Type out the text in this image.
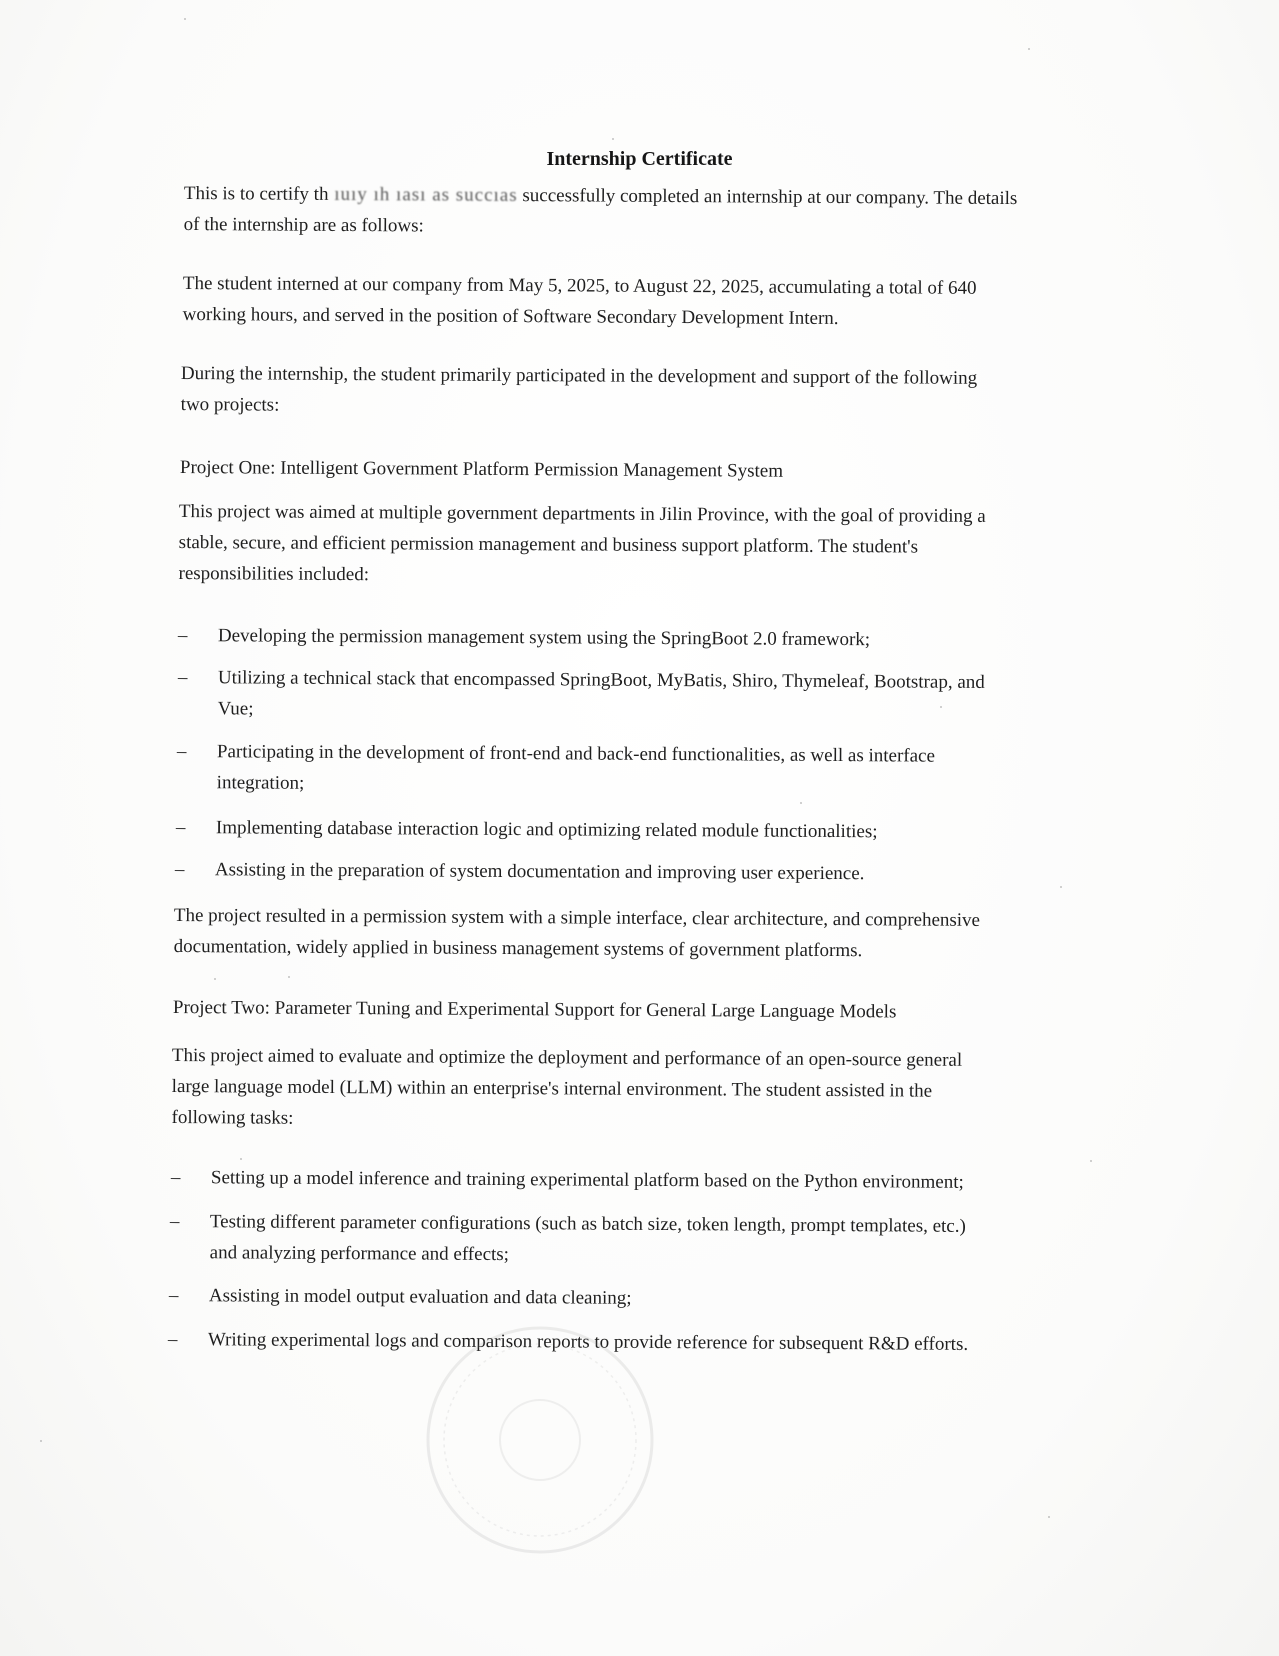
Internship Certificate
This is to certify th ıuıy ıh ıası as succıas successfully completed an internship at our company. The details
of the internship are as follows:
The student interned at our company from May 5, 2025, to August 22, 2025, accumulating a total of 640
working hours, and served in the position of Software Secondary Development Intern.
During the internship, the student primarily participated in the development and support of the following
two projects:
Project One: Intelligent Government Platform Permission Management System
This project was aimed at multiple government departments in Jilin Province, with the goal of providing a
stable, secure, and efficient permission management and business support platform. The student's
responsibilities included:
–	Developing the permission management system using the SpringBoot 2.0 framework;
–	Utilizing a technical stack that encompassed SpringBoot, MyBatis, Shiro, Thymeleaf, Bootstrap, and
Vue;
–	Participating in the development of front-end and back-end functionalities, as well as interface
integration;
–	Implementing database interaction logic and optimizing related module functionalities;
–	Assisting in the preparation of system documentation and improving user experience.
The project resulted in a permission system with a simple interface, clear architecture, and comprehensive
documentation, widely applied in business management systems of government platforms.
Project Two: Parameter Tuning and Experimental Support for General Large Language Models
This project aimed to evaluate and optimize the deployment and performance of an open-source general
large language model (LLM) within an enterprise's internal environment. The student assisted in the
following tasks:
–	Setting up a model inference and training experimental platform based on the Python environment;
–	Testing different parameter configurations (such as batch size, token length, prompt templates, etc.)
and analyzing performance and effects;
–	Assisting in model output evaluation and data cleaning;
–	Writing experimental logs and comparison reports to provide reference for subsequent R&D efforts.
